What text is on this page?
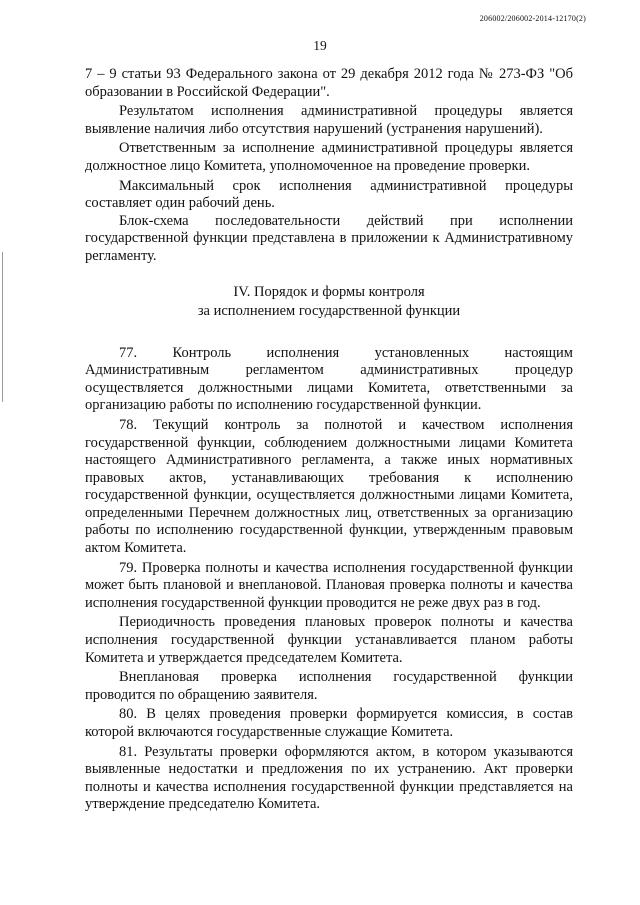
206002/206002-2014-12170(2)
19

7 – 9 статьи 93 Федерального закона от 29 декабря 2012 года № 273-ФЗ "Об образовании в Российской Федерации".

Результатом исполнения административной процедуры является выявление наличия либо отсутствия нарушений (устранения нарушений).

Ответственным за исполнение административной процедуры является должностное лицо Комитета, уполномоченное на проведение проверки.

Максимальный срок исполнения административной процедуры составляет один рабочий день.

Блок-схема последовательности действий при исполнении государственной функции представлена в приложении к Административному регламенту.

IV. Порядок и формы контроля
за исполнением государственной функции

77. Контроль исполнения установленных настоящим Административным регламентом административных процедур осуществляется должностными лицами Комитета, ответственными за организацию работы по исполнению государственной функции.

78. Текущий контроль за полнотой и качеством исполнения государственной функции, соблюдением должностными лицами Комитета настоящего Административного регламента, а также иных нормативных правовых актов, устанавливающих требования к исполнению государственной функции, осуществляется должностными лицами Комитета, определенными Перечнем должностных лиц, ответственных за организацию работы по исполнению государственной функции, утвержденным правовым актом Комитета.

79. Проверка полноты и качества исполнения государственной функции может быть плановой и внеплановой. Плановая проверка полноты и качества исполнения государственной функции проводится не реже двух раз в год.

Периодичность проведения плановых проверок полноты и качества исполнения государственной функции устанавливается планом работы Комитета и утверждается председателем Комитета.

Внеплановая проверка исполнения государственной функции проводится по обращению заявителя.

80. В целях проведения проверки формируется комиссия, в состав которой включаются государственные служащие Комитета.

81. Результаты проверки оформляются актом, в котором указываются выявленные недостатки и предложения по их устранению. Акт проверки полноты и качества исполнения государственной функции представляется на утверждение председателю Комитета.
